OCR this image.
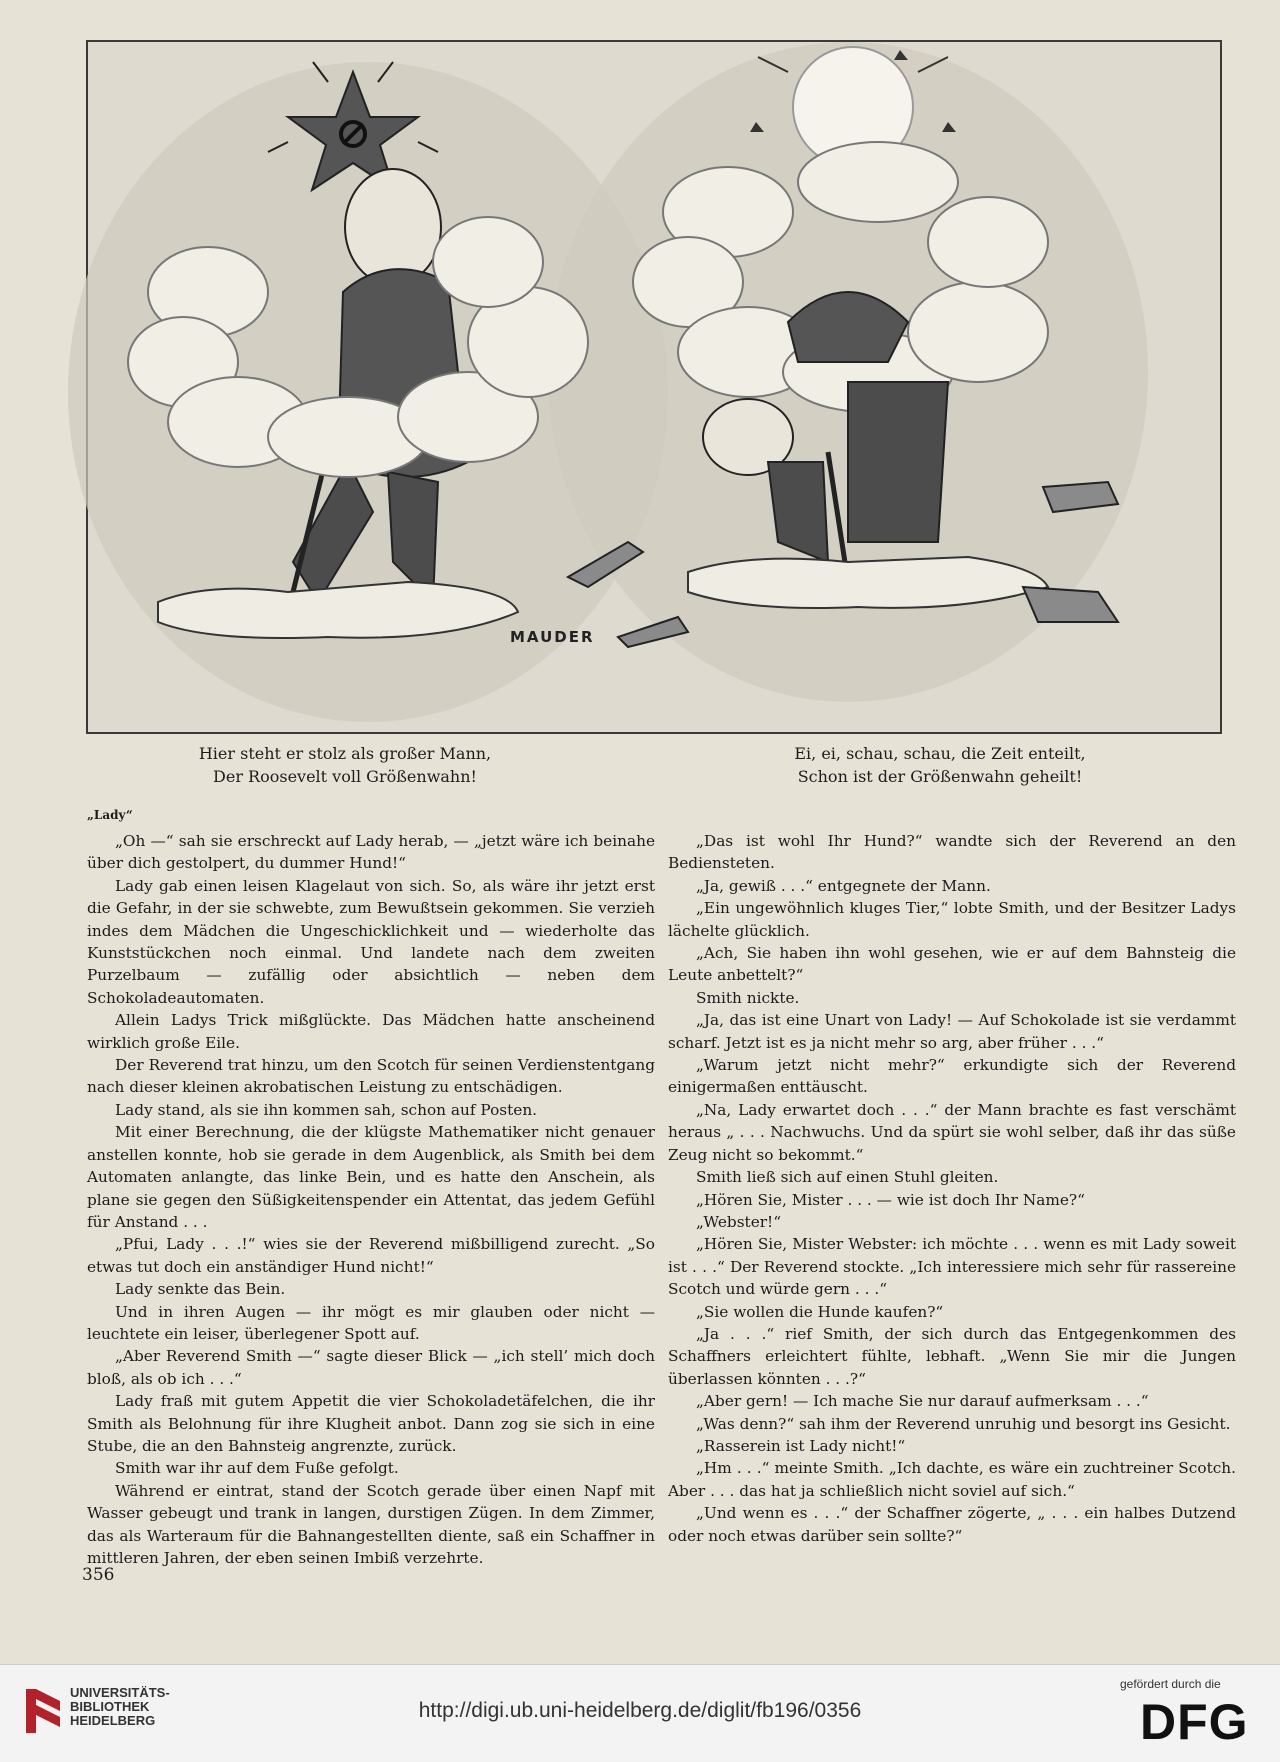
MAUDER
Hier steht er stolz als großer Mann,
Der Roosevelt voll Größenwahn!
Ei, ei, schau, schau, die Zeit enteilt,
Schon ist der Größenwahn geheilt!
„Lady“

„Oh —“ sah sie erschreckt auf Lady herab, — „jetzt wäre ich beinahe über dich gestolpert, du dummer Hund!“

Lady gab einen leisen Klagelaut von sich. So, als wäre ihr jetzt erst die Gefahr, in der sie schwebte, zum Bewußtsein gekommen. Sie verzieh indes dem Mädchen die Ungeschicklichkeit und — wiederholte das Kunststückchen noch einmal. Und landete nach dem zweiten Purzelbaum — zufällig oder absichtlich — neben dem Schokoladeautomaten.

Allein Ladys Trick mißglückte. Das Mädchen hatte anscheinend wirklich große Eile.

Der Reverend trat hinzu, um den Scotch für seinen Verdienstentgang nach dieser kleinen akrobatischen Leistung zu entschädigen.

Lady stand, als sie ihn kommen sah, schon auf Posten.

Mit einer Berechnung, die der klügste Mathematiker nicht genauer anstellen konnte, hob sie gerade in dem Augenblick, als Smith bei dem Automaten anlangte, das linke Bein, und es hatte den Anschein, als plane sie gegen den Süßigkeitenspender ein Attentat, das jedem Gefühl für Anstand . . .

„Pfui, Lady . . .!“ wies sie der Reverend mißbilligend zurecht. „So etwas tut doch ein anständiger Hund nicht!“

Lady senkte das Bein.

Und in ihren Augen — ihr mögt es mir glauben oder nicht — leuchtete ein leiser, überlegener Spott auf.

„Aber Reverend Smith —“ sagte dieser Blick — „ich stell’ mich doch bloß, als ob ich . . .“

Lady fraß mit gutem Appetit die vier Schokoladetäfelchen, die ihr Smith als Belohnung für ihre Klugheit anbot. Dann zog sie sich in eine Stube, die an den Bahnsteig angrenzte, zurück.

Smith war ihr auf dem Fuße gefolgt.

Während er eintrat, stand der Scotch gerade über einen Napf mit Wasser gebeugt und trank in langen, durstigen Zügen. In dem Zimmer, das als Warteraum für die Bahnangestellten diente, saß ein Schaffner in mittleren Jahren, der eben seinen Imbiß verzehrte.

„Das ist wohl Ihr Hund?“ wandte sich der Reverend an den Bediensteten.

„Ja, gewiß . . .“ entgegnete der Mann.

„Ein ungewöhnlich kluges Tier,“ lobte Smith, und der Besitzer Ladys lächelte glücklich.

„Ach, Sie haben ihn wohl gesehen, wie er auf dem Bahnsteig die Leute anbettelt?“

Smith nickte.

„Ja, das ist eine Unart von Lady! — Auf Schokolade ist sie verdammt scharf. Jetzt ist es ja nicht mehr so arg, aber früher . . .“

„Warum jetzt nicht mehr?“ erkundigte sich der Reverend einigermaßen enttäuscht.

„Na, Lady erwartet doch . . .“ der Mann brachte es fast verschämt heraus „ . . . Nachwuchs. Und da spürt sie wohl selber, daß ihr das süße Zeug nicht so bekommt.“

Smith ließ sich auf einen Stuhl gleiten.

„Hören Sie, Mister . . . — wie ist doch Ihr Name?“

„Webster!“

„Hören Sie, Mister Webster: ich möchte . . . wenn es mit Lady soweit ist . . .“ Der Reverend stockte. „Ich interessiere mich sehr für rassereine Scotch und würde gern . . .“

„Sie wollen die Hunde kaufen?“

„Ja . . .“ rief Smith, der sich durch das Entgegenkommen des Schaffners erleichtert fühlte, lebhaft. „Wenn Sie mir die Jungen überlassen könnten . . .?“

„Aber gern! — Ich mache Sie nur darauf aufmerksam . . .“

„Was denn?“ sah ihm der Reverend unruhig und besorgt ins Gesicht.

„Rasserein ist Lady nicht!“

„Hm . . .“ meinte Smith. „Ich dachte, es wäre ein zuchtreiner Scotch. Aber . . . das hat ja schließlich nicht soviel auf sich.“

„Und wenn es . . .“ der Schaffner zögerte, „ . . . ein halbes Dutzend oder noch etwas darüber sein sollte?“

356
UNIVERSITÄTS-
BIBLIOTHEK
HEIDELBERG	http://digi.ub.uni-heidelberg.de/diglit/fb196/0356
gefördert durch die
DFG
